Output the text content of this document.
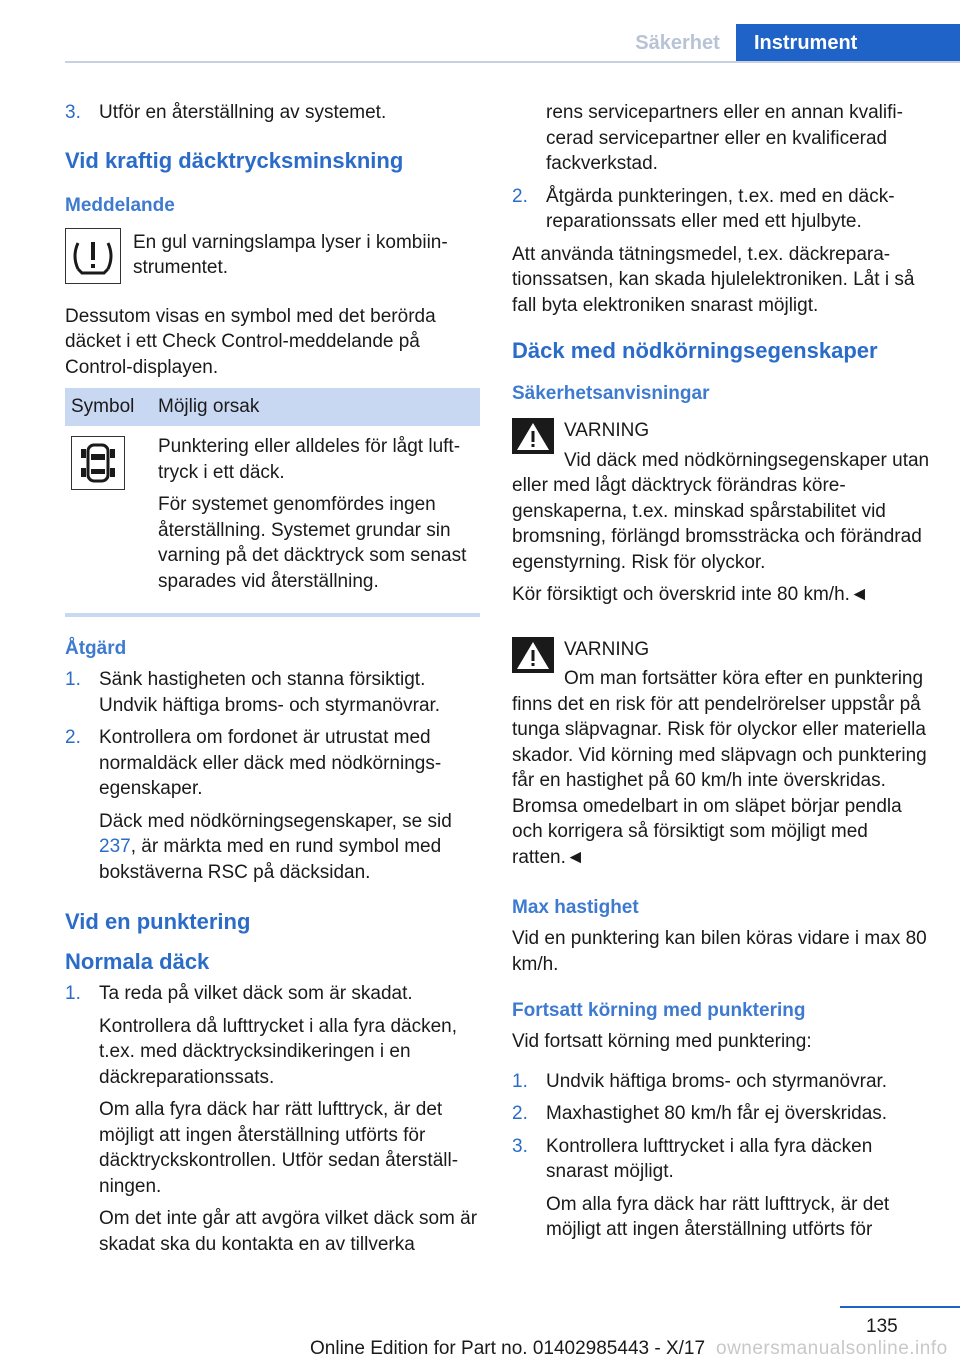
Säkerhet	Instrument
3. Utför en återställning av systemet.
Vid kraftig däcktrycksminskning
Meddelande

En gul varningslampa lyser i kombiinstrumentet.

Dessutom visas en symbol med det berörda däcket i ett Check Control-meddelande på Control-displayen.

Symbol	Möjlig orsak

Punktering eller alldeles för lågt lufttryck i ett däck.

För systemet genomfördes ingen återställning. Systemet grundar sin varning på det däcktryck som senast sparades vid återställning.

Åtgärd
1. Sänk hastigheten och stanna försiktigt. Undvik häftiga broms- och styrmanövrar.
2. Kontrollera om fordonet är utrustat med normaldäck eller däck med nödkörningsegenskaper.
Däck med nödkörningsegenskaper, se sid 237, är märkta med en rund symbol med bokstäverna RSC på däcksidan.
Vid en punktering
Normala däck
1. Ta reda på vilket däck som är skadat.
Kontrollera då lufttrycket i alla fyra däcken, t.ex. med däcktrycksindikeringen i en däckreparationssats.
Om alla fyra däck har rätt lufttryck, är det möjligt att ingen återställning utförts för däcktryckskontrollen. Utför sedan återställningen.
Om det inte går att avgöra vilket däck som är skadat ska du kontakta en av tillverka

rens servicepartners eller en annan kvalificerad servicepartner eller en kvalificerad fackverkstad.

2. Åtgärda punkteringen, t.ex. med en däckreparationssats eller med ett hjulbyte.

Att använda tätningsmedel, t.ex. däckreparationssatsen, kan skada hjulelektroniken. Låt i så fall byta elektroniken snarast möjligt.

Däck med nödkörningsegenskaper
Säkerhetsanvisningar

VARNING

Vid däck med nödkörningsegenskaper utan eller med lågt däcktryck förändras köregenskaperna, t.ex. minskad spårstabilitet vid bromsning, förlängd bromssträcka och förändrad egenstyrning. Risk för olyckor.

Kör försiktigt och överskrid inte 80 km/h.◄

VARNING

Om man fortsätter köra efter en punktering finns det en risk för att pendelrörelser uppstår på tunga släpvagnar. Risk för olyckor eller materiella skador. Vid körning med släpvagn och punktering får en hastighet på 60 km/h inte överskridas. Bromsa omedelbart in om släpet börjar pendla och korrigera så försiktigt som möjligt med ratten.◄

Max hastighet

Vid en punktering kan bilen köras vidare i max 80 km/h.

Fortsatt körning med punktering

Vid fortsatt körning med punktering:

1. Undvik häftiga broms- och styrmanövrar.
2. Maxhastighet 80 km/h får ej överskridas.
3. Kontrollera lufttrycket i alla fyra däcken snarast möjligt.
Om alla fyra däck har rätt lufttryck, är det möjligt att ingen återställning utförts för
135
Online Edition for Part no. 01402985443 - X/17 ownersmanualsonline.info
